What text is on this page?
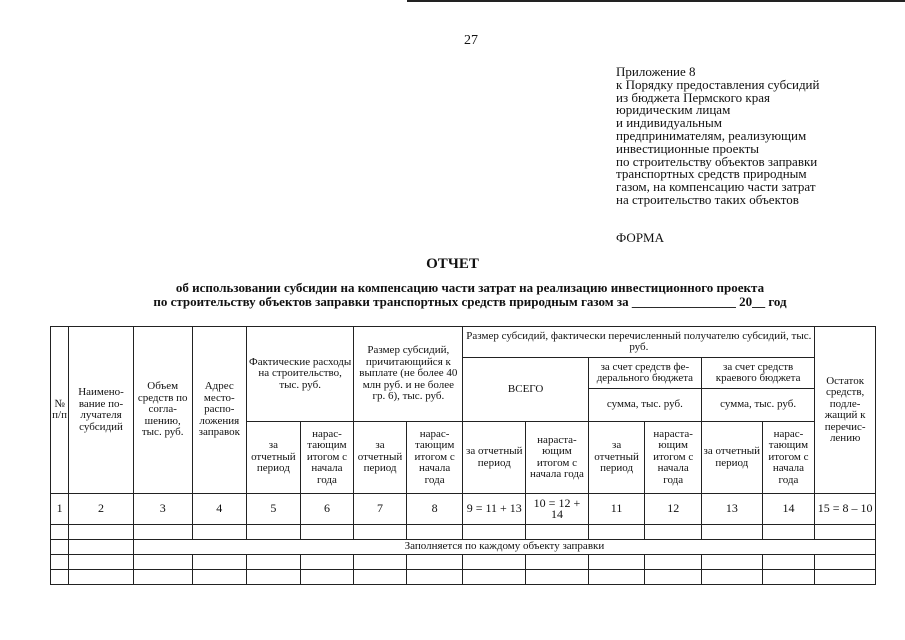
27
Приложение 8
к Порядку предоставления субсидий
из бюджета Пермского края
юридическим лицам
и индивидуальным
предпринимателям, реализующим
инвестиционные проекты
по строительству объектов заправки
транспортных средств природным
газом, на компенсацию части затрат
на строительство таких объектов
ФОРМА
ОТЧЕТ
об использовании субсидии на компенсацию части затрат на реализацию инвестиционного проекта
по строительству объектов заправки транспортных средств природным газом за ________________ 20__ год
№ п/п	Наимено-вание по-лучателя субсидий	Объем средств по согла-шению, тыс. руб.	Адрес место-распо-ложения заправок	Фактические расходы на строительство, тыс. руб.		Размер субсидий, причитающийся к выплате (не более 40 млн руб. и не более гр. 6), тыс. руб.		Размер субсидий, фактически перечисленный получателю субсидий, тыс. руб.						Остаток средств, подле-жащий к перечис-лению
								ВСЕГО		за счет средств фе-дерального бюджета		за счет средств краевого бюджета		
										сумма, тыс. руб.		сумма, тыс. руб.		
				за отчетный период	нарас-тающим итогом с начала года	за отчетный период	нарас-тающим итогом с начала года	за отчетный период	нараста-ющим итогом с начала года	за отчетный период	нараста-ющим итогом с начала года	за отчетный период	нарас-тающим итогом с начала года	
1	2	3	4	5	6	7	8	9 = 11 + 13	10 = 12 + 14	11	12	13	14	15 = 8 – 10

		Заполняется по каждому объекту заправки												
